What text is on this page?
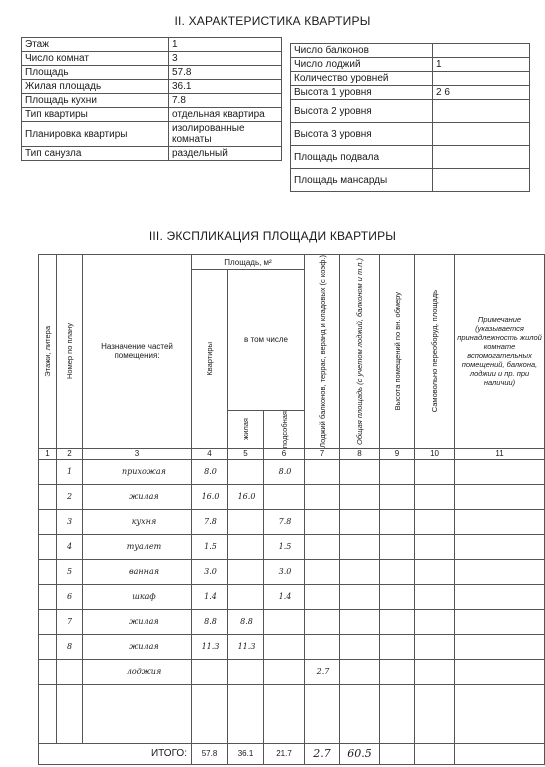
II. ХАРАКТЕРИСТИКА КВАРТИРЫ
Этаж	1
Число комнат	3
Площадь	57.8
Жилая площадь	36.1
Площадь кухни	7.8
Тип квартиры	отдельная квартира
Планировка квартиры	изолированные комнаты
Тип санузла	раздельный
Число балконов	
Число лоджий	1
Количество уровней	
Высота 1 уровня	2 6
Высота 2 уровня	
Высота 3 уровня	
Площадь подвала	
Площадь мансарды	
III. ЭКСПЛИКАЦИЯ ПЛОЩАДИ КВАРТИРЫ
Этажи, литера	Номер по плану	Назначение частей помещения:	Площадь, м²			Лоджий балконов, террас, веранд и кладовых (с коэф.)	Общая площадь (с учетом лоджий, балконом и т.п.)	Высота помещений по вн. обмеру	Самовольно переоборуд. площадь	Примечание (указывается принадлежность жилой комнате вспомогательных помещений, балкона, лоджии и пр. при наличии)

			Квартиры	в том числе						

				жилая	подсобная					

1	2	3	4	5	6	7	8	9	10	11
	1	прихожая	8.0		8.0					
	2	жилая	16.0	16.0						
	3	кухня	7.8		7.8					
	4	туалет	1.5		1.5					
	5	ванная	3.0		3.0					
	6	шкаф	1.4		1.4					
	7	жилая	8.8	8.8						
	8	жилая	11.3	11.3						
		лоджия				2.7				

ИТОГО:			57.8	36.1	21.7	2.7	60.5			
